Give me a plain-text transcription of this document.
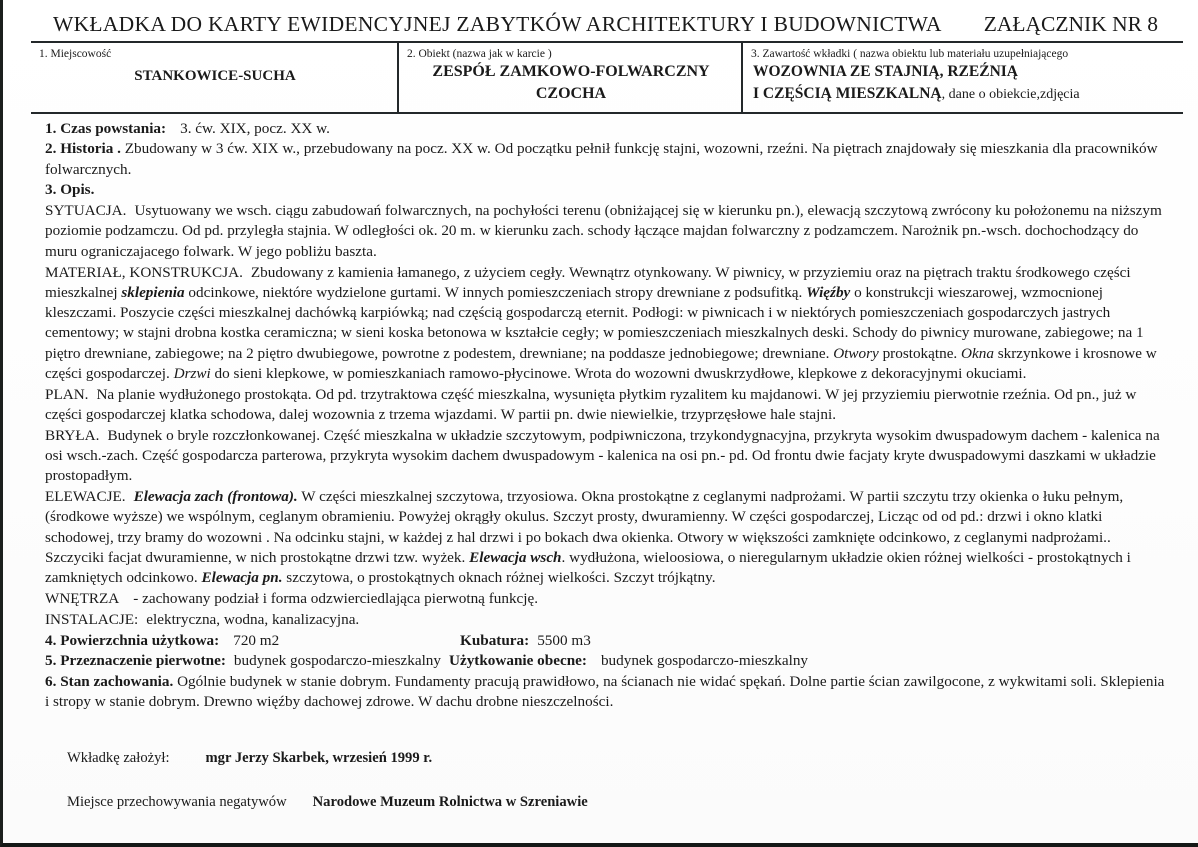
WKŁADKA DO KARTY EWIDENCYJNEJ ZABYTKÓW ARCHITEKTURY I BUDOWNICTWA ZAŁĄCZNIK NR 8
1. Miejscowość
STANKOWICE-SUCHA
2. Obiekt (nazwa jak w karcie )
ZESPÓŁ ZAMKOWO-FOLWARCZNY
CZOCHA
3. Zawartość wkładki ( nazwa obiektu lub materiału uzupełniającego
WOZOWNIA ZE STAJNIĄ, RZEŹNIĄ
I CZĘŚCIĄ MIESZKALNĄ, dane o obiekcie,zdjęcia
1. Czas powstania: 3. ćw. XIX, pocz. XX w.
2. Historia . Zbudowany w 3 ćw. XIX w., przebudowany na pocz. XX w. Od początku pełnił funkcję stajni, wozowni, rzeźni. Na piętrach znajdowały się mieszkania dla pracowników folwarcznych.
3. Opis.
SYTUACJA. Usytuowany we wsch. ciągu zabudowań folwarcznych, na pochyłości terenu (obniżającej się w kierunku pn.), elewacją szczytową zwrócony ku położonemu na niższym poziomie podzamczu. Od pd. przyległa stajnia. W odległości ok. 20 m. w kierunku zach. schody łączące majdan folwarczny z podzamczem. Narożnik pn.-wsch. dochochodzący do muru ograniczajacego folwark. W jego pobliżu baszta.
MATERIAŁ, KONSTRUKCJA. Zbudowany z kamienia łamanego, z użyciem cegły. Wewnątrz otynkowany. W piwnicy, w przyziemiu oraz na piętrach traktu środkowego części mieszkalnej sklepienia odcinkowe, niektóre wydzielone gurtami. W innych pomieszczeniach stropy drewniane z podsufitką. Więźby o konstrukcji wieszarowej, wzmocnionej kleszczami. Poszycie części mieszkalnej dachówką karpiówką; nad częścią gospodarczą eternit. Podłogi: w piwnicach i w niektórych pomieszczeniach gospodarczych jastrych cementowy; w stajni drobna kostka ceramiczna; w sieni koska betonowa w kształcie cegły; w pomieszczeniach mieszkalnych deski. Schody do piwnicy murowane, zabiegowe; na 1 piętro drewniane, zabiegowe; na 2 piętro dwubiegowe, powrotne z podestem, drewniane; na poddasze jednobiegowe; drewniane. Otwory prostokątne. Okna skrzynkowe i krosnowe w części gospodarczej. Drzwi do sieni klepkowe, w pomieszkaniach ramowo-płycinowe. Wrota do wozowni dwuskrzydłowe, klepkowe z dekoracyjnymi okuciami.
PLAN. Na planie wydłużonego prostokąta. Od pd. trzytraktowa część mieszkalna, wysunięta płytkim ryzalitem ku majdanowi. W jej przyziemiu pierwotnie rzeźnia. Od pn., już w części gospodarczej klatka schodowa, dalej wozownia z trzema wjazdami. W partii pn. dwie niewielkie, trzyprzęsłowe hale stajni.
BRYŁA. Budynek o bryle rozczłonkowanej. Część mieszkalna w układzie szczytowym, podpiwniczona, trzykondygnacyjna, przykryta wysokim dwuspadowym dachem - kalenica na osi wsch.-zach. Część gospodarcza parterowa, przykryta wysokim dachem dwuspadowym - kalenica na osi pn.- pd. Od frontu dwie facjaty kryte dwuspadowymi daszkami w układzie prostopadłym.
ELEWACJE. Elewacja zach (frontowa). W części mieszkalnej szczytowa, trzyosiowa. Okna prostokątne z ceglanymi nadprożami. W partii szczytu trzy okienka o łuku pełnym, (środkowe wyższe) we wspólnym, ceglanym obramieniu. Powyżej okrągły okulus. Szczyt prosty, dwuramienny. W części gospodarczej, Licząc od od pd.: drzwi i okno klatki schodowej, trzy bramy do wozowni . Na odcinku stajni, w każdej z hal drzwi i po bokach dwa okienka. Otwory w większości zamknięte odcinkowo, z ceglanymi nadprożami.. Szczyciki facjat dwuramienne, w nich prostokątne drzwi tzw. wyżek. Elewacja wsch. wydłużona, wieloosiowa, o nieregularnym układzie okien różnej wielkości - prostokątnych i zamkniętych odcinkowo. Elewacja pn. szczytowa, o prostokątnych oknach różnej wielkości. Szczyt trójkątny.
WNĘTRZA - zachowany podział i forma odzwierciedlająca pierwotną funkcję.
INSTALACJE: elektryczna, wodna, kanalizacyjna.
4. Powierzchnia użytkowa: 720 m2	Kubatura: 5500 m3
5. Przeznaczenie pierwotne: budynek gospodarczo-mieszkalny Użytkowanie obecne: budynek gospodarczo-mieszkalny
6. Stan zachowania. Ogólnie budynek w stanie dobrym. Fundamenty pracują prawidłowo, na ścianach nie widać spękań. Dolne partie ścian zawilgocone, z wykwitami soli. Sklepienia i stropy w stanie dobrym. Drewno więźby dachowej zdrowe. W dachu drobne nieszczelności.
Wkładkę założył: mgr Jerzy Skarbek, wrzesień 1999 r.
Miejsce przechowywania negatywów Narodowe Muzeum Rolnictwa w Szreniawie
